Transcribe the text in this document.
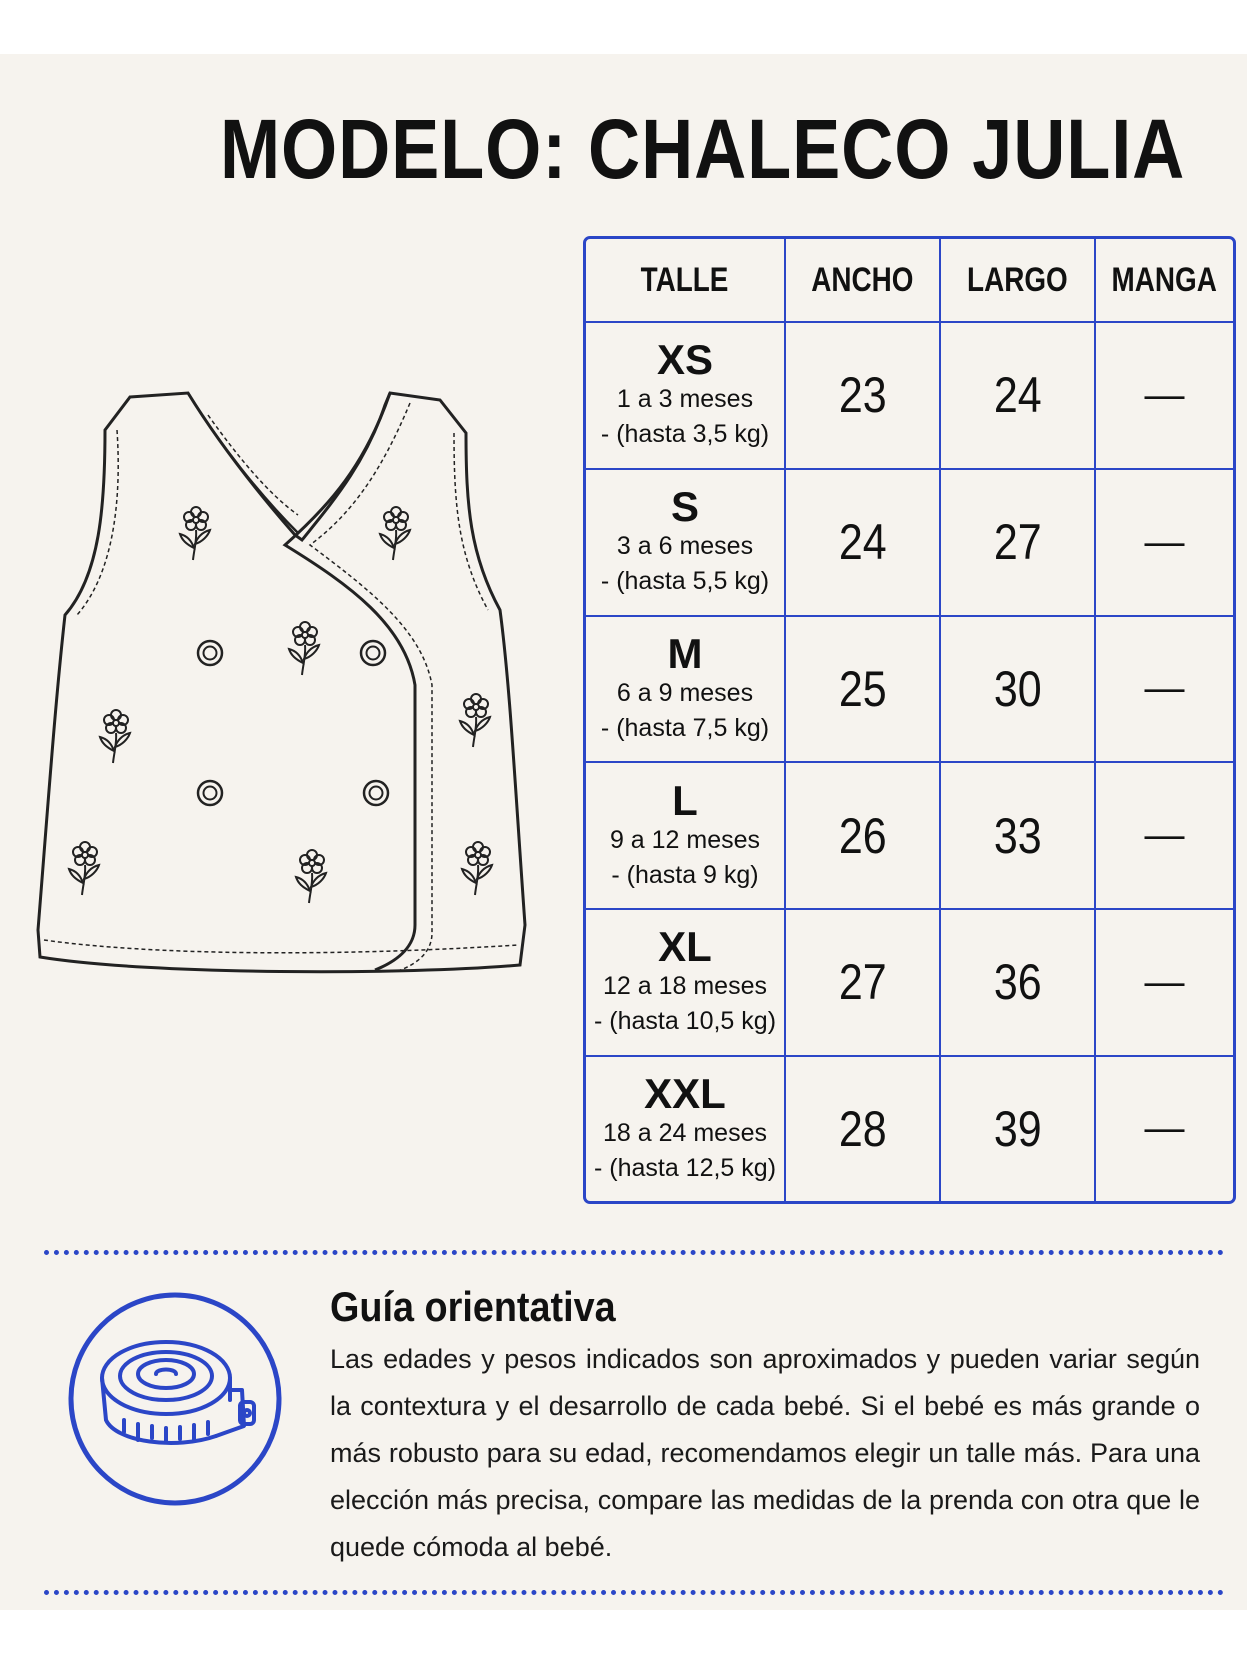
MODELO: CHALECO JULIA
TALLE	ANCHO	LARGO	MANGA

XS
1 a 3 meses
- (hasta 3,5 kg)	23	24	—

S
3 a 6 meses
- (hasta 5,5 kg)	24	27	—

M
6 a 9 meses
- (hasta 7,5 kg)	25	30	—

L
9 a 12 meses
- (hasta 9 kg)	26	33	—

XL
12 a 18 meses
- (hasta 10,5 kg)	27	36	—

XXL
18 a 24 meses
- (hasta 12,5 kg)	28	39	—
Guía orientativa
Las edades y pesos indicados son aproximados y pueden variar según la contextura y el desarrollo de cada bebé. Si el bebé es más grande o más robusto para su edad, recomendamos elegir un talle más. Para una elección más precisa, compare las medidas de la prenda con otra que le quede cómoda al bebé.
